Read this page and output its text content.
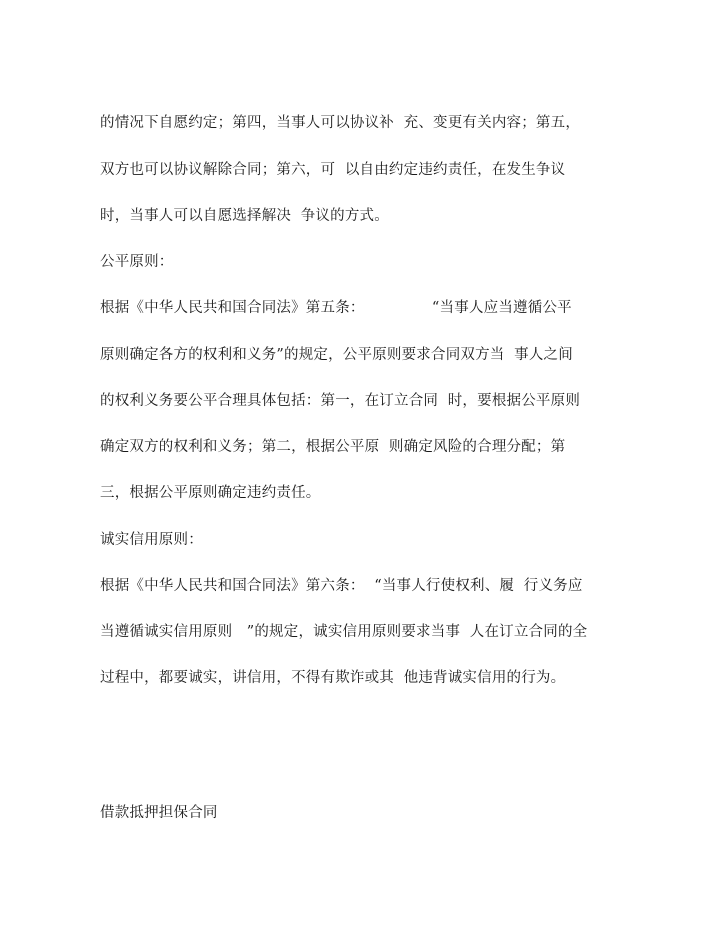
的情况下自愿约定；第四，当事人可以协议补  充、变更有关内容；第五，
双方也可以协议解除合同；第六，可  以自由约定违约责任，在发生争议
时，当事人可以自愿选择解决  争议的方式。
公平原则：
根据《中华人民共和国合同法》第五条：              “当事人应当遵循公平
原则确定各方的权利和义务”的规定，公平原则要求合同双方当  事人之间
的权利义务要公平合理具体包括：第一，在订立合同  时，要根据公平原则
确定双方的权利和义务；第二，根据公平原  则确定风险的合理分配；第
三，根据公平原则确定违约责任。
诚实信用原则：
根据《中华人民共和国合同法》第六条：  “当事人行使权利、履  行义务应
当遵循诚实信用原则   ”的规定，诚实信用原则要求当事  人在订立合同的全
过程中，都要诚实，讲信用，不得有欺诈或其  他违背诚实信用的行为。
借款抵押担保合同
